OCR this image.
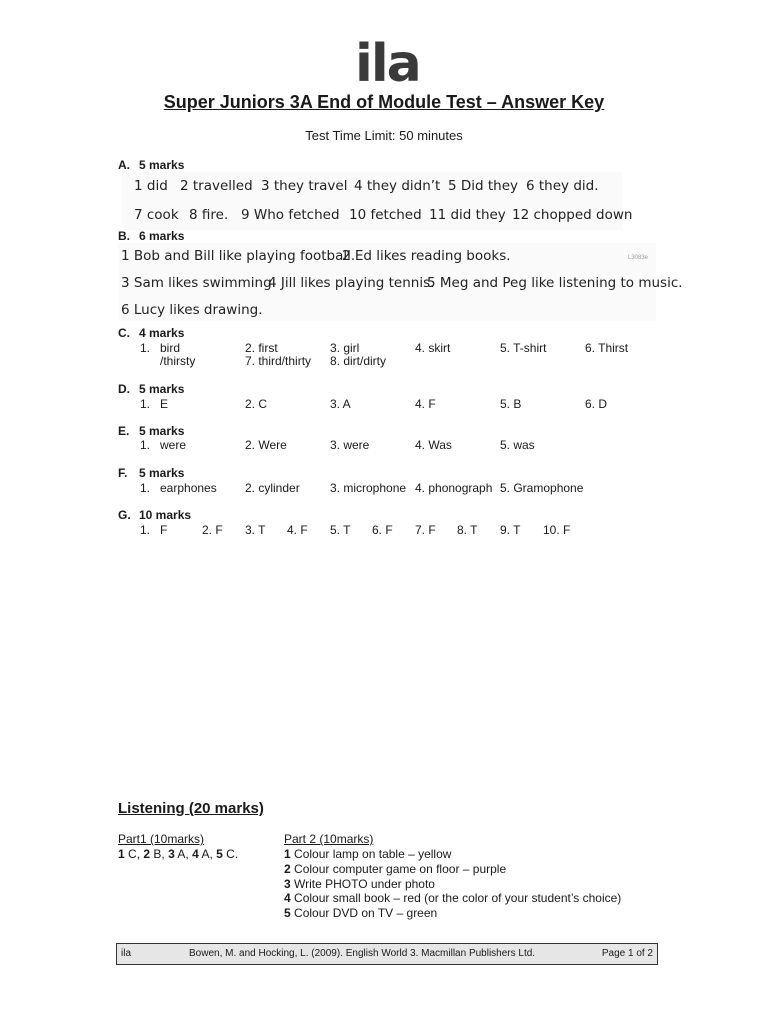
ila
Super Juniors 3A End of Module Test – Answer Key
Test Time Limit: 50 minutes
A. 5 marks
1 did 2 travelled 3 they travel 4 they didn’t 5 Did they 6 they did.
7 cook 8 fire. 9 Who fetched 10 fetched 11 did they 12 chopped down
B. 6 marks
1 Bob and Bill like playing football.
2 Ed likes reading books.	L3083e
3 Sam likes swimming.
4 Jill likes playing tennis.
5 Meg and Peg like listening to music.
6 Lucy likes drawing.
C. 4 marks
1. bird	2. first	3. girl	4. skirt	5. T-shirt	6. Thirst
/thirsty	7. third/thirty 8. dirt/dirty
D. 5 marks
1. E	2. C	3. A	4. F	5. B	6. D
E. 5 marks
1. were	2. Were	3. were	4. Was	5. was
F. 5 marks
1. earphones 2. cylinder	3. microphone 4. phonograph 5. Gramophone
G. 10 marks
1. F	2. F 3. T 4. F 5. T 6. F 7. F 8. T 9. T 10. F
Listening (20 marks)
Part1 (10marks)
1 C, 2 B, 3 A, 4 A, 5 C.
Part 2 (10marks)
1 Colour lamp on table – yellow
2 Colour computer game on floor – purple
3 Write PHOTO under photo
4 Colour small book – red (or the color of your student’s choice)
5 Colour DVD on TV – green
ila	Bowen, M. and Hocking, L. (2009). English World 3. Macmillan Publishers Ltd.	Page 1 of 2
